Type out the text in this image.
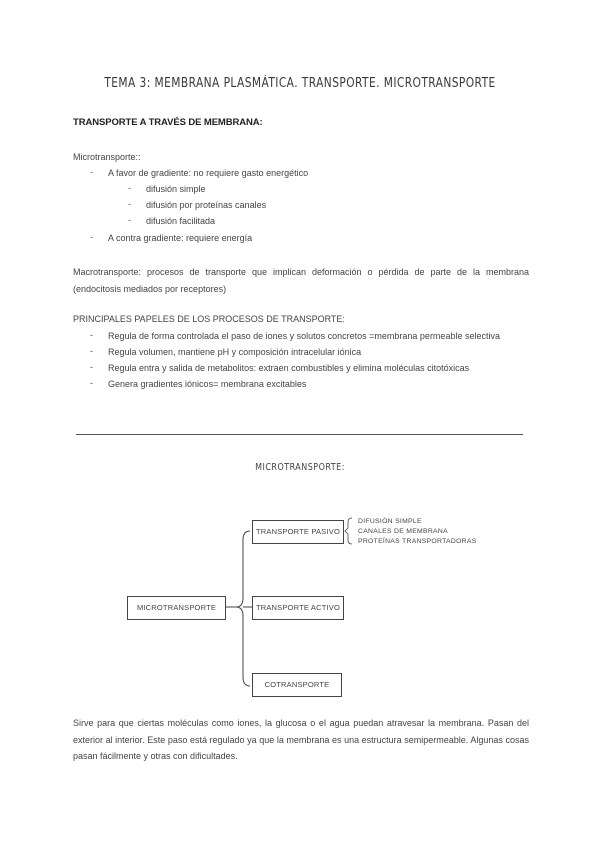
TEMA 3: MEMBRANA PLASMÁTICA. TRANSPORTE. MICROTRANSPORTE
TRANSPORTE A TRAVÉS DE MEMBRANA:
Microtransporte::
- A favor de gradiente: no requiere gasto energético
- difusión simple
- difusión por proteínas canales
- difusión facilitada
- A contra gradiente: requiere energía
Macrotransporte: procesos de transporte que implican deformación o pérdida de parte de la membrana (endocitosis mediados por receptores)
PRINCIPALES PAPELES DE LOS PROCESOS DE TRANSPORTE:
- Regula de forma controlada el paso de iones y solutos concretos =membrana permeable selectiva
- Regula volumen, mantiene pH y composición intracelular iónica
- Regula entra y salida de metabolitos: extraen combustibles y elimina moléculas citotóxicas
- Genera gradientes iónicos= membrana excitables
MICROTRANSPORTE:
MICROTRANSPORTE
TRANSPORTE PASIVO
TRANSPORTE ACTIVO
COTRANSPORTE
DIFUSIÓN SIMPLE
CANALES DE MEMBRANA
PROTEÍNAS TRANSPORTADORAS
Sirve para que ciertas moléculas como iones, la glucosa o el agua puedan atravesar la membrana. Pasan del exterior al interior. Este paso está regulado ya que la membrana es una estructura semipermeable. Algunas cosas pasan fácilmente y otras con dificultades.
